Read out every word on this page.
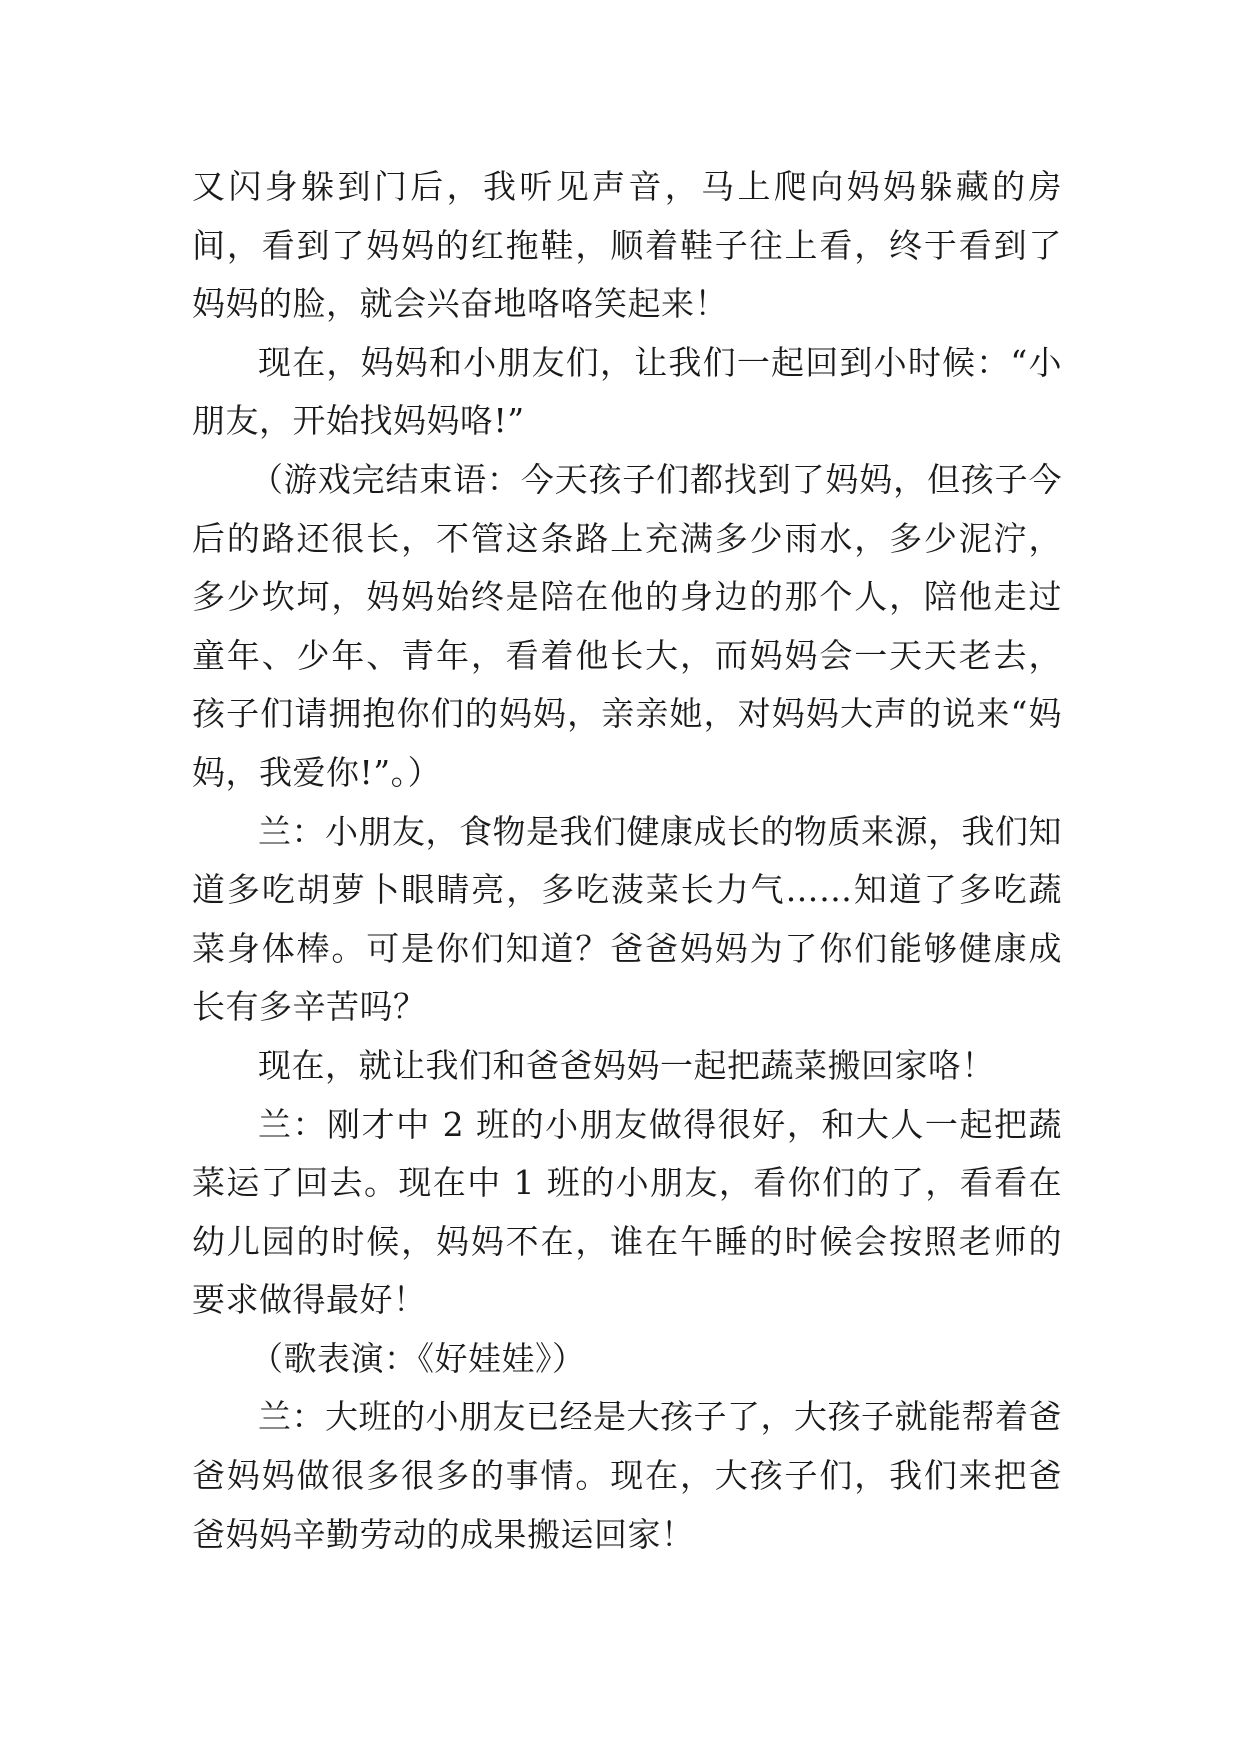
又闪身躲到门后，我听见声音，马上爬向妈妈躲藏的房间，看到了妈妈的红拖鞋，顺着鞋子往上看，终于看到了妈妈的脸，就会兴奋地咯咯笑起来！

现在，妈妈和小朋友们，让我们一起回到小时候：“小朋友，开始找妈妈咯!”

（游戏完结束语：今天孩子们都找到了妈妈，但孩子今后的路还很长，不管这条路上充满多少雨水，多少泥泞，多少坎坷，妈妈始终是陪在他的身边的那个人，陪他走过童年、少年、青年，看着他长大，而妈妈会一天天老去，孩子们请拥抱你们的妈妈，亲亲她，对妈妈大声的说来“妈妈，我爱你!”。）

兰：小朋友，食物是我们健康成长的物质来源，我们知道多吃胡萝卜眼睛亮，多吃菠菜长力气……知道了多吃蔬菜身体棒。可是你们知道？爸爸妈妈为了你们能够健康成长有多辛苦吗？

现在，就让我们和爸爸妈妈一起把蔬菜搬回家咯！

兰：刚才中 2 班的小朋友做得很好，和大人一起把蔬菜运了回去。现在中 1 班的小朋友，看你们的了，看看在幼儿园的时候，妈妈不在，谁在午睡的时候会按照老师的要求做得最好！

（歌表演：《好娃娃》）

兰：大班的小朋友已经是大孩子了，大孩子就能帮着爸爸妈妈做很多很多的事情。现在，大孩子们，我们来把爸爸妈妈辛勤劳动的成果搬运回家！
